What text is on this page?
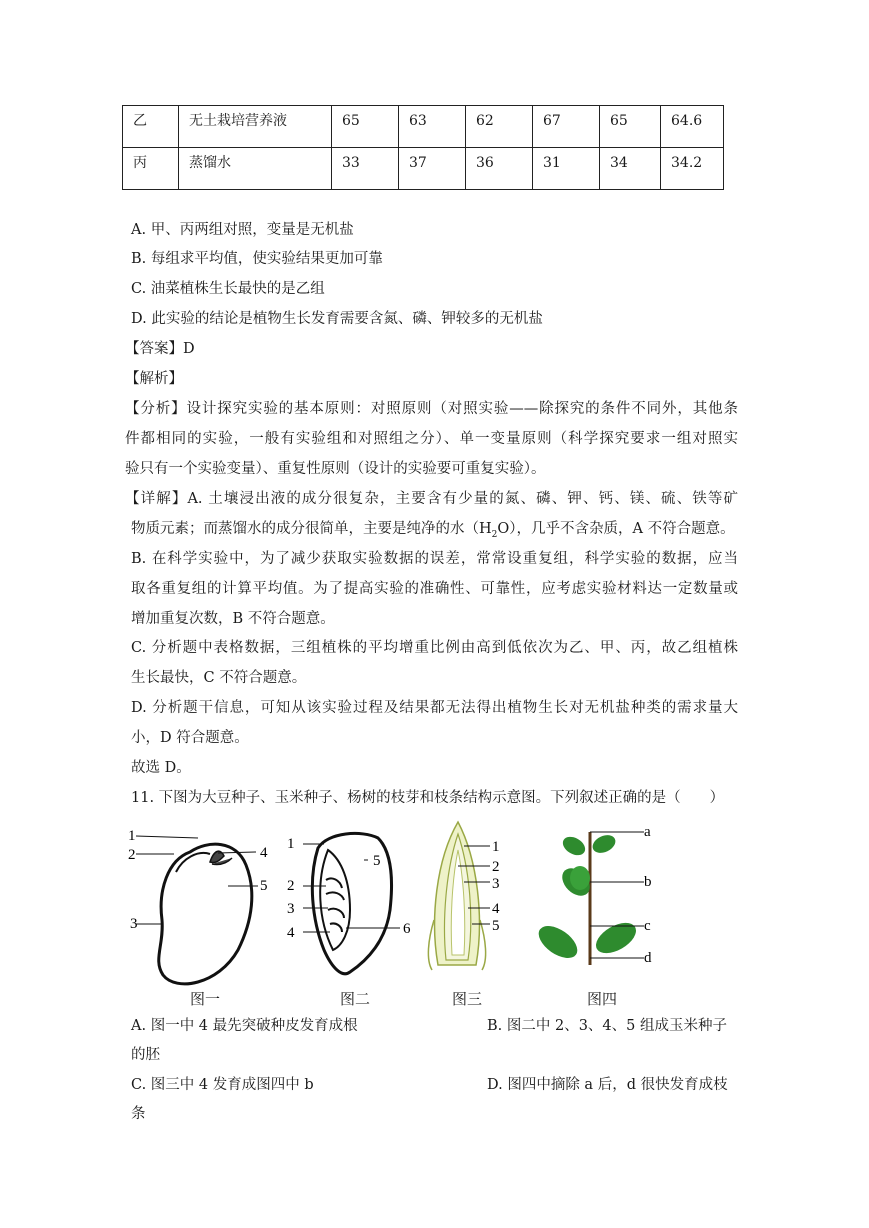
乙	无土栽培营养液	65	63	62	67	65	64.6

丙	蒸馏水	33	37	36	31	34	34.2
A. 甲、丙两组对照，变量是无机盐
B. 每组求平均值，使实验结果更加可靠
C. 油菜植株生长最快的是乙组
D. 此实验的结论是植物生长发育需要含氮、磷、钾较多的无机盐
【答案】D
【解析】
【分析】设计探究实验的基本原则：对照原则（对照实验——除探究的条件不同外，其他条
件都相同的实验，一般有实验组和对照组之分）、单一变量原则（科学探究要求一组对照实
验只有一个实验变量）、重复性原则（设计的实验要可重复实验）。
【详解】A. 土壤浸出液的成分很复杂，主要含有少量的氮、磷、钾、钙、镁、硫、铁等矿
物质元素；而蒸馏水的成分很简单，主要是纯净的水$(H_2O)$，几乎不含杂质，A 不符合题意。
B. 在科学实验中，为了减少获取实验数据的误差，常常设重复组，科学实验的数据，应当
取各重复组的计算平均值。为了提高实验的准确性、可靠性，应考虑实验材料达一定数量或
增加重复次数，B 不符合题意。
C. 分析题中表格数据，三组植株的平均增重比例由高到低依次为乙、甲、丙，故乙组植株
生长最快，C 不符合题意。
D. 分析题干信息，可知从该实验过程及结果都无法得出植物生长对无机盐种类的需求量大
小，D 符合题意。
故选 D。
11. 下图为大豆种子、玉米种子、杨树的枝芽和枝条结构示意图。下列叙述正确的是（　　）
1
2
3
4
5
1
2
3
4
5
6
1
2
3
4
5
a
b
c
d
图一	图二	图三	图四
A. 图一中 4 最先突破种皮发育成根	B. 图二中 2、3、4、5 组成玉米种子
的胚
C. 图三中 4 发育成图四中 b	D. 图四中摘除 a 后，d 很快发育成枝
条
